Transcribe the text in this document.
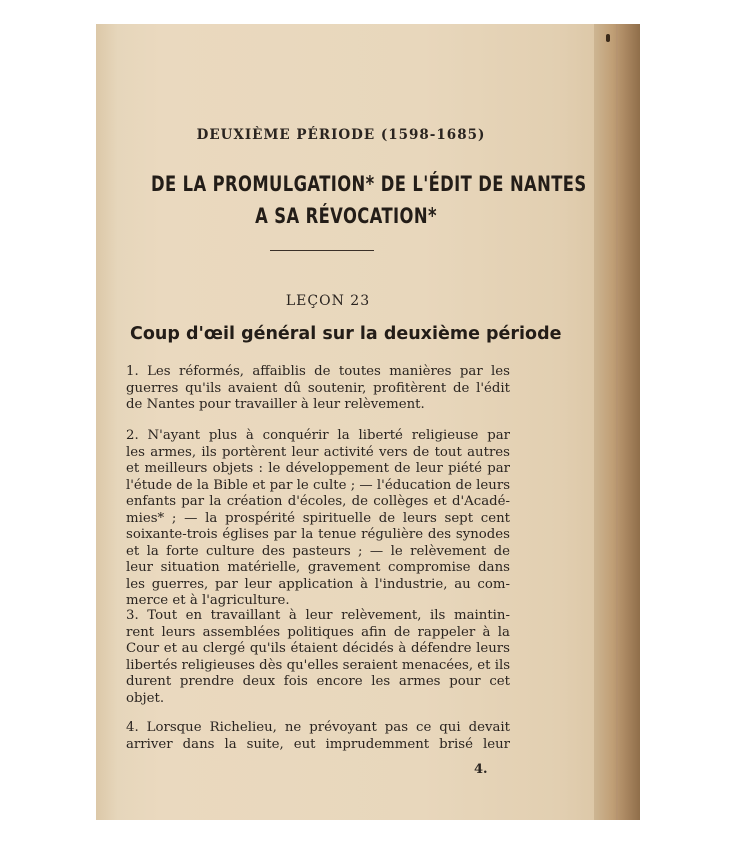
DEUXIÈME PÉRIODE (1598-1685)
DE LA PROMULGATION* DE L'ÉDIT DE NANTES
A SA RÉVOCATION*
LEÇON 23
Coup d'œil général sur la deuxième période
1. Les réformés, affaiblis de toutes manières par les
guerres qu'ils avaient dû soutenir, profitèrent de l'édit
de Nantes pour travailler à leur relèvement.
2. N'ayant plus à conquérir la liberté religieuse par
les armes, ils portèrent leur activité vers de tout autres
et meilleurs objets : le développement de leur piété par
l'étude de la Bible et par le culte ; — l'éducation de leurs
enfants par la création d'écoles, de collèges et d'Acadé-
mies* ; — la prospérité spirituelle de leurs sept cent
soixante-trois églises par la tenue régulière des synodes
et la forte culture des pasteurs ; — le relèvement de
leur situation matérielle, gravement compromise dans
les guerres, par leur application à l'industrie, au com-
merce et à l'agriculture.
3. Tout en travaillant à leur relèvement, ils maintin-
rent leurs assemblées politiques afin de rappeler à la
Cour et au clergé qu'ils étaient décidés à défendre leurs
libertés religieuses dès qu'elles seraient menacées, et ils
durent prendre deux fois encore les armes pour cet
objet.
4. Lorsque Richelieu, ne prévoyant pas ce qui devait
arriver dans la suite, eut imprudemment brisé leur
4.
